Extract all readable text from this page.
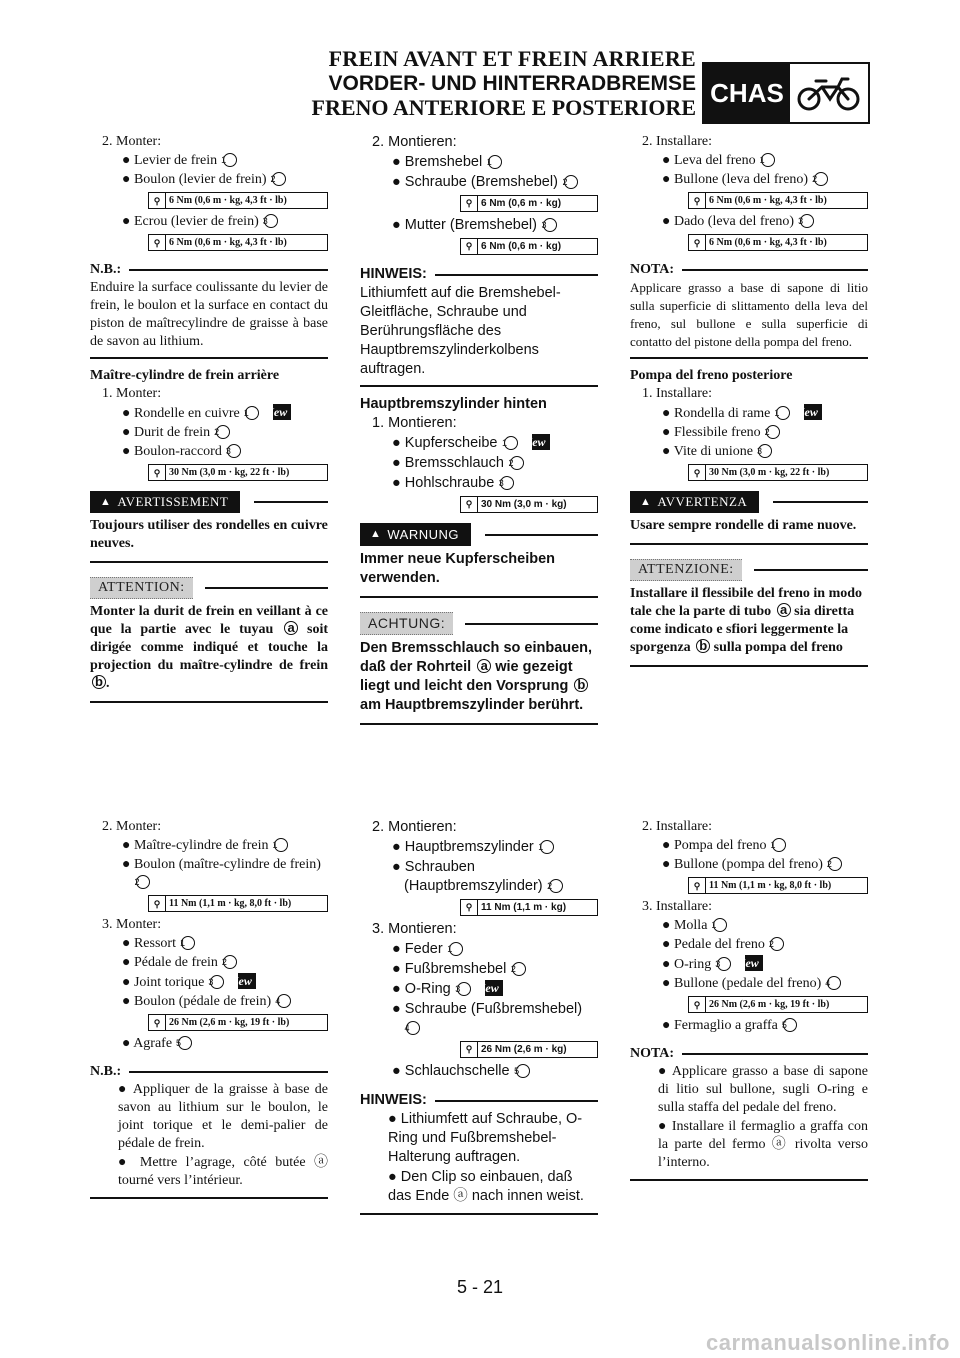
FREIN AVANT ET FREIN ARRIERE
VORDER- UND HINTERRADBREMSE
FRENO ANTERIORE E POSTERIORE CHAS
2. Monter:
● Levier de frein 1
● Boulon (levier de frein) 2
⚲ 6 Nm (0,6 m · kg, 4,3 ft · lb)
● Ecrou (levier de frein) 3
⚲ 6 Nm (0,6 m · kg, 4,3 ft · lb)
N.B.:
Enduire la surface coulissante du levier de frein, le boulon et la surface en contact du piston de maîtrecylindre de graisse à base de savon au lithium.
Maître-cylindre de frein arrière
1. Monter:
● Rondelle en cuivre 1 New
● Durit de frein 2
● Boulon-raccord 3
⚲ 30 Nm (3,0 m · kg, 22 ft · lb)
▲ AVERTISSEMENT
Toujours utiliser des rondelles en cuivre neuves.
ATTENTION:
Monter la durit de frein en veillant à ce que la partie avec le tuyau a soit dirigée comme indiqué et touche la projection du maître-cylindre de frein b .
2. Montieren:
● Bremshebel 1
● Schraube (Bremshebel) 2
⚲ 6 Nm (0,6 m · kg)
● Mutter (Bremshebel) 3
⚲ 6 Nm (0,6 m · kg)
HINWEIS:
Lithiumfett auf die Bremshebel-Gleitfläche, Schraube und Berührungsfläche des Hauptbremszylinderkolbens auftragen.
Hauptbremszylinder hinten
1. Montieren:
● Kupferscheibe 1 New
● Bremsschlauch 2
● Hohlschraube 3
⚲ 30 Nm (3,0 m · kg)
▲ WARNUNG
Immer neue Kupferscheiben verwenden.
ACHTUNG:
Den Bremsschlauch so einbauen, daß der Rohrteil a wie gezeigt liegt und leicht den Vorsprung b am Hauptbremszylinder berührt.
2. Installare:
● Leva del freno 1
● Bullone (leva del freno) 2
⚲ 6 Nm (0,6 m · kg, 4,3 ft · lb)
● Dado (leva del freno) 3
⚲ 6 Nm (0,6 m · kg, 4,3 ft · lb)
NOTA:
Applicare grasso a base di sapone di litio sulla superficie di slittamento della leva del freno, sul bullone e sulla superficie di contatto del pistone della pompa del freno.
Pompa del freno posteriore
1. Installare:
● Rondella di rame 1 New
● Flessibile freno 2
● Vite di unione 3
⚲ 30 Nm (3,0 m · kg, 22 ft · lb)
▲ AVVERTENZA
Usare sempre rondelle di rame nuove.
ATTENZIONE:
Installare il flessibile del freno in modo tale che la parte di tubo a sia diretta come indicato e sfiori leggermente la sporgenza b sulla pompa del freno
2. Monter:
● Maître-cylindre de frein 1
● Boulon (maître-cylindre de frein) 2
⚲ 11 Nm (1,1 m · kg, 8,0 ft · lb)
3. Monter:
● Ressort 1
● Pédale de frein 2
● Joint torique 3 New
● Boulon (pédale de frein) 4
⚲ 26 Nm (2,6 m · kg, 19 ft · lb)
● Agrafe 5
N.B.:
● Appliquer de la graisse à base de savon au lithium sur le boulon, le joint torique et le demi-palier de pédale de frein.
● Mettre l’agrage, côté butée ⓐ tourné vers l’intérieur.
2. Montieren:
● Hauptbremszylinder 1
● Schrauben (Hauptbremszylinder) 2
⚲ 11 Nm (1,1 m · kg)
3. Montieren:
● Feder 1
● Fußbremshebel 2
● O-Ring 3 New
● Schraube (Fußbremshebel) 4
⚲ 26 Nm (2,6 m · kg)
● Schlauchschelle 5
HINWEIS:
● Lithiumfett auf Schraube, O-Ring und Fußbremshebel-Halterung auftragen.
● Den Clip so einbauen, daß das Ende ⓐ nach innen weist.
2. Installare:
● Pompa del freno 1
● Bullone (pompa del freno) 2
⚲ 11 Nm (1,1 m · kg, 8,0 ft · lb)
3. Installare:
● Molla 1
● Pedale del freno 2
● O-ring 3 New
● Bullone (pedale del freno) 4
⚲ 26 Nm (2,6 m · kg, 19 ft · lb)
● Fermaglio a graffa 5
NOTA:
● Applicare grasso a base di sapone di litio sul bullone, sugli O-ring e sulla staffa del pedale del freno.
● Installare il fermaglio a graffa con la parte del fermo ⓐ rivolta verso l’interno.
5 - 21
carmanualsonline.info
